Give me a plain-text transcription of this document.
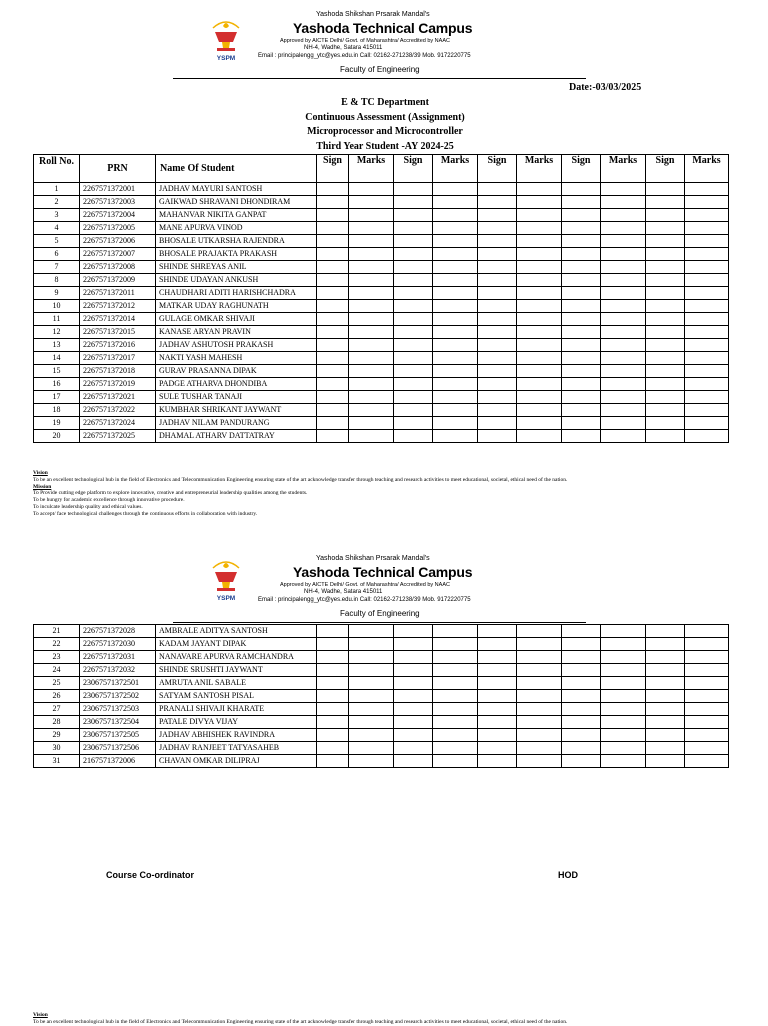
YSPM
Yashoda Shikshan Prsarak Mandal's
Yashoda Technical Campus
Approved by AICTE Delhi/ Govt. of Maharashtra/ Accredited by NAAC
NH-4, Wadhe, Satara 415011
Email : principalengg_ytc@yes.edu.in Call: 02162-271238/39 Mob. 9172220775
Faculty of Engineering
Date:-03/03/2025
E & TC Department
Continuous Assessment (Assignment)
Microprocessor and Microcontroller
Third Year Student -AY 2024-25
Roll No.	PRN	Name Of Student	Sign	Marks	Sign	Marks	Sign	Marks	Sign	Marks	Sign	Marks
1	2267571372001	JADHAV MAYURI SANTOSH										
2	2267571372003	GAIKWAD SHRAVANI DHONDIRAM										
3	2267571372004	MAHANVAR NIKITA GANPAT										
4	2267571372005	MANE APURVA VINOD										
5	2267571372006	BHOSALE UTKARSHA RAJENDRA										
6	2267571372007	BHOSALE PRAJAKTA PRAKASH										
7	2267571372008	SHINDE SHREYAS ANIL										
8	2267571372009	SHINDE UDAYAN ANKUSH										
9	2267571372011	CHAUDHARI ADITI HARISHCHADRA										
10	2267571372012	MATKAR UDAY RAGHUNATH										
11	2267571372014	GULAGE OMKAR SHIVAJI										
12	2267571372015	KANASE ARYAN PRAVIN										
13	2267571372016	JADHAV ASHUTOSH PRAKASH										
14	2267571372017	NAKTI YASH MAHESH										
15	2267571372018	GURAV PRASANNA DIPAK										
16	2267571372019	PADGE ATHARVA DHONDIBA										
17	2267571372021	SULE TUSHAR TANAJI										
18	2267571372022	KUMBHAR SHRIKANT JAYWANT										
19	2267571372024	JADHAV NILAM PANDURANG										
20	2267571372025	DHAMAL ATHARV DATTATRAY										
Vision
To be an excellent technological hub in the field of Electronics and Telecommunication Engineering ensuring state of the art acknowledge transfer through teaching and research activities to meet educational, societal, ethical need of the nation.
Mission
To Provide cutting edge platform to explore innovative, creative and entrepreneurial leadership qualities among the students.
To be hungry for academic excellence through innovative procedure.
To inculcate leadership quality and ethical values.
To accept/ face technological challenges through the continuous efforts in collaboration with industry.
YSPM
Yashoda Shikshan Prsarak Mandal's
Yashoda Technical Campus
Approved by AICTE Delhi/ Govt. of Maharashtra/ Accredited by NAAC
NH-4, Wadhe, Satara 415011
Email : principalengg_ytc@yes.edu.in Call: 02162-271238/39 Mob. 9172220775
Faculty of Engineering
21	2267571372028	AMBRALE ADITYA SANTOSH										
22	2267571372030	KADAM JAYANT DIPAK										
23	2267571372031	NANAVARE APURVA RAMCHANDRA										
24	2267571372032	SHINDE SRUSHTI JAYWANT										
25	23067571372501	AMRUTA ANIL SABALE										
26	23067571372502	SATYAM SANTOSH PISAL										
27	23067571372503	PRANALI SHIVAJI KHARATE										
28	23067571372504	PATALE DIVYA VIJAY										
29	23067571372505	JADHAV ABHISHEK RAVINDRA										
30	23067571372506	JADHAV RANJEET TATYASAHEB										
31	2167571372006	CHAVAN OMKAR DILIPRAJ										
Course Co-ordinator	HOD
Vision
To be an excellent technological hub in the field of Electronics and Telecommunication Engineering ensuring state of the art acknowledge transfer through teaching and research activities to meet educational, societal, ethical need of the nation.
